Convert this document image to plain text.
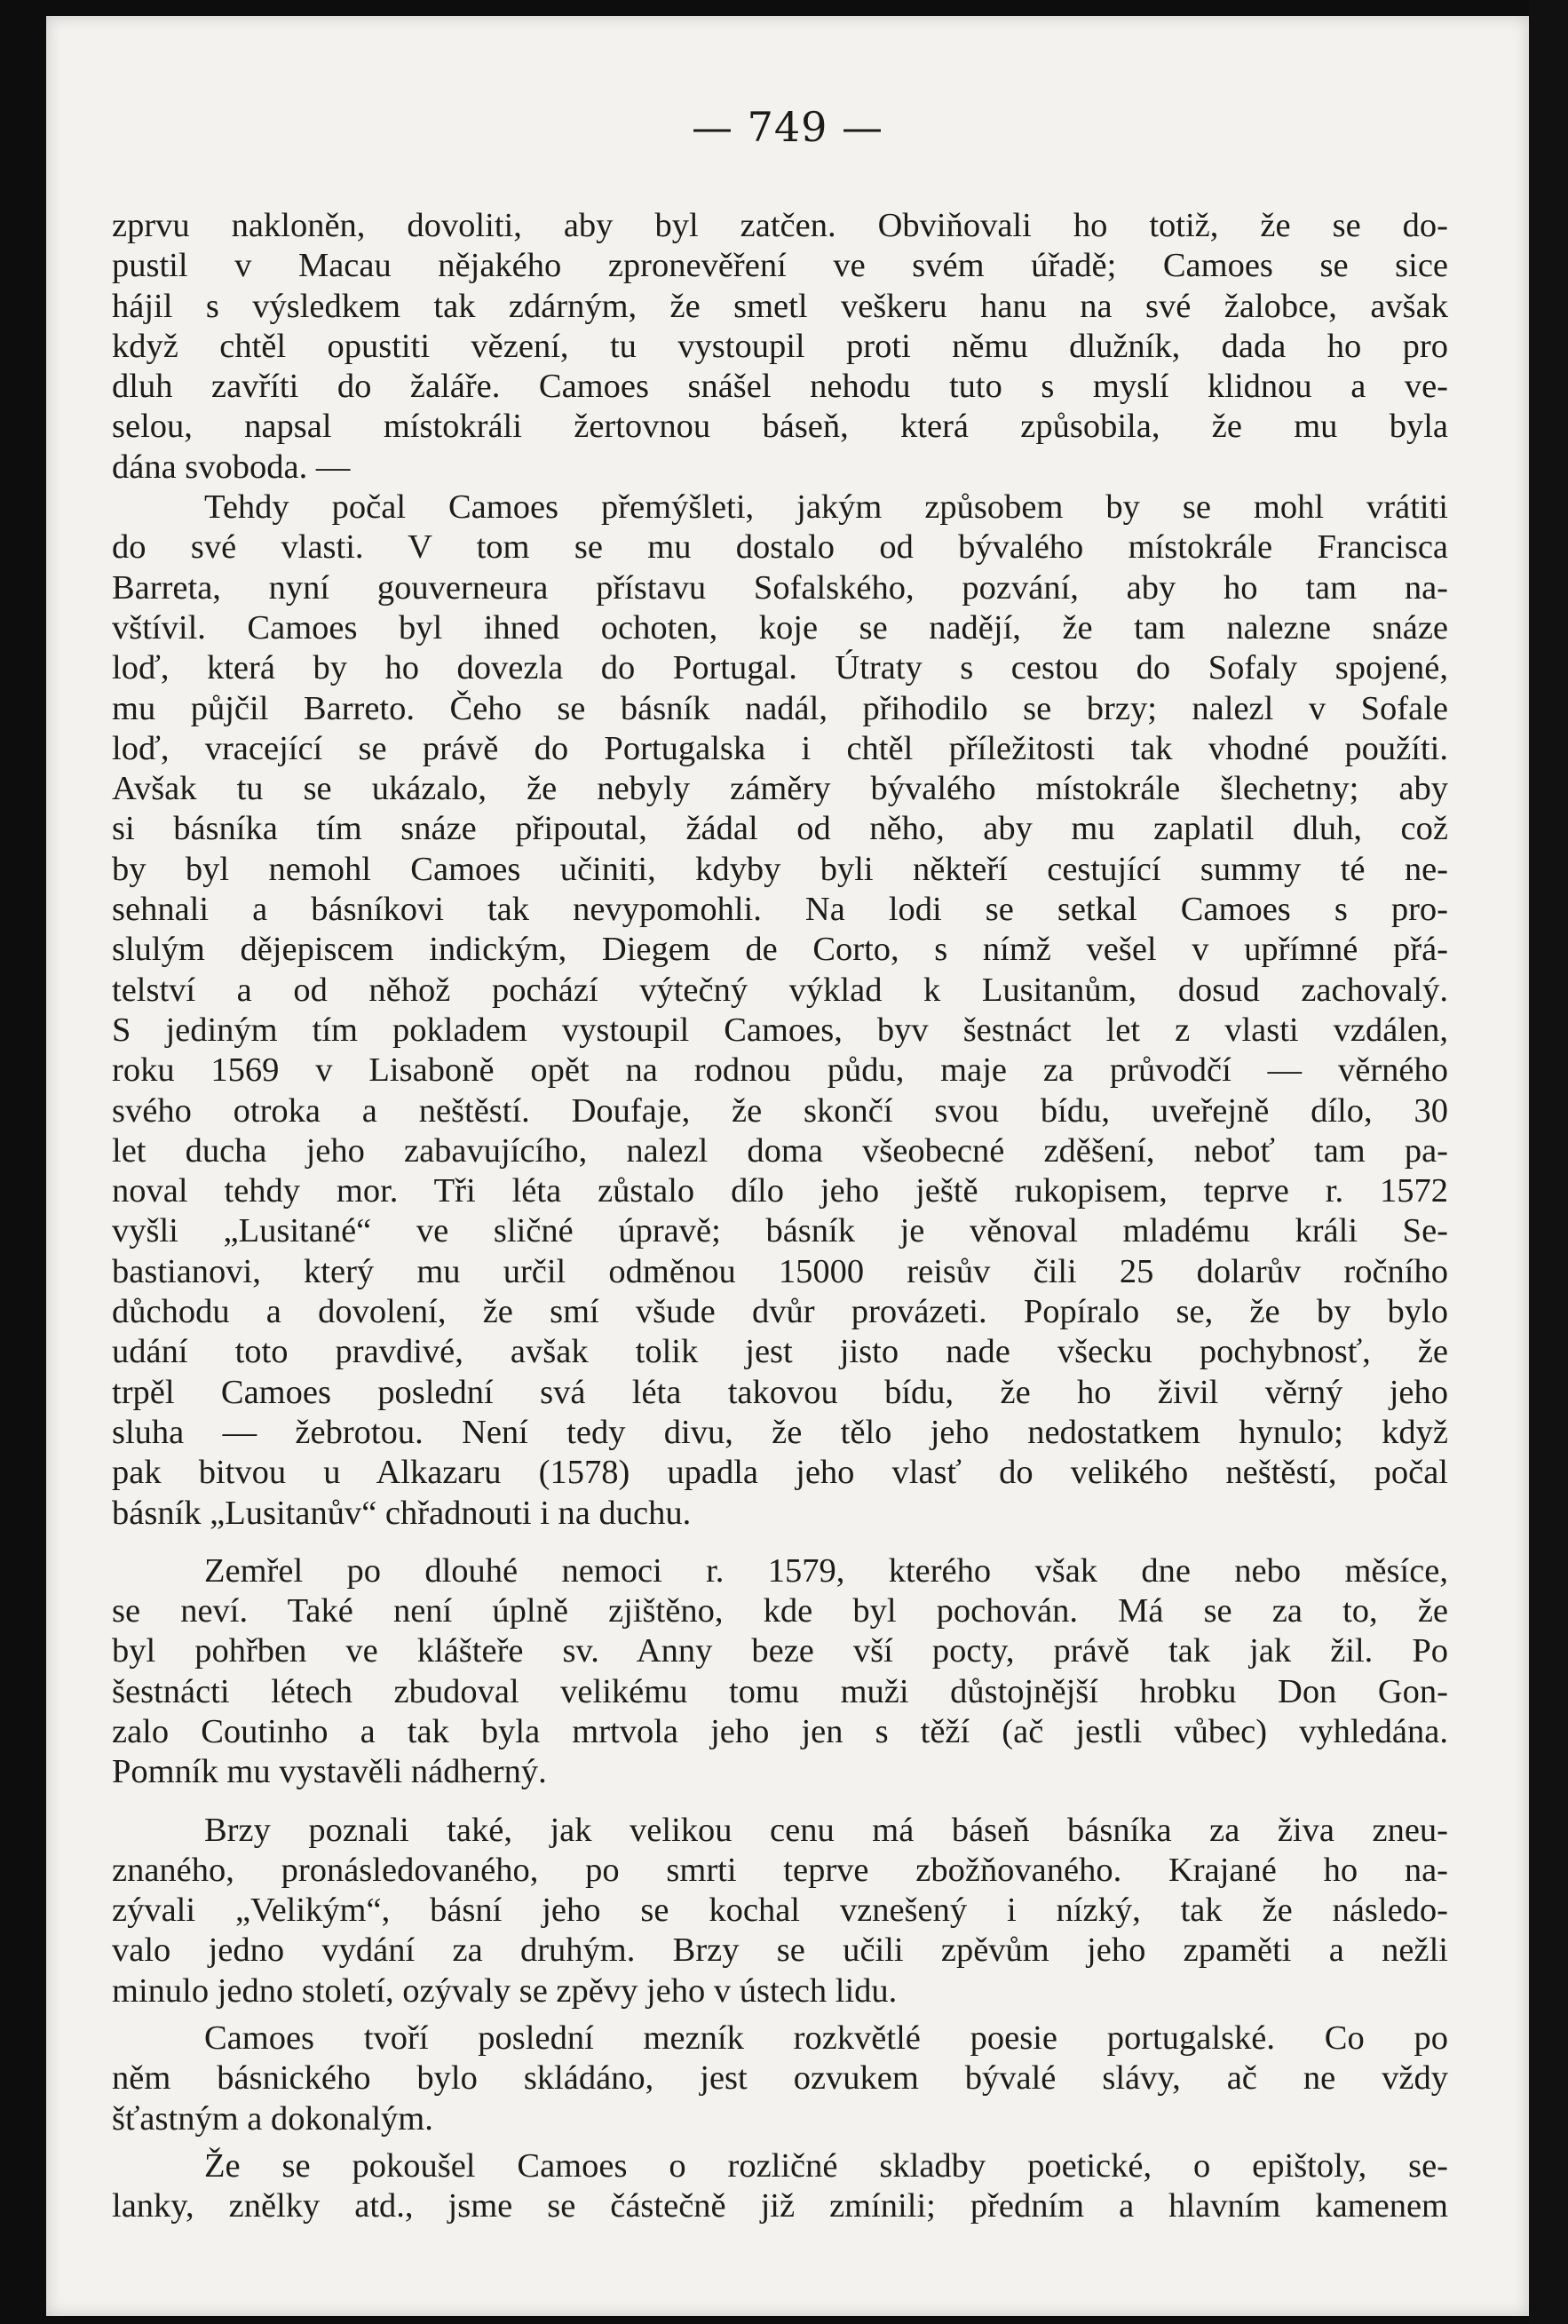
— 749 —

zprvu nakloněn, dovoliti, aby byl zatčen. Obviňovali ho totiž, že se do-
pustil v Macau nějakého zpronevěření ve svém úřadě; Camoes se sice
hájil s výsledkem tak zdárným, že smetl veškeru hanu na své žalobce, avšak
když chtěl opustiti vězení, tu vystoupil proti němu dlužník, dada ho pro
dluh zavříti do žaláře. Camoes snášel nehodu tuto s myslí klidnou a ve-
selou, napsal místokráli žertovnou báseň, která způsobila, že mu byla
dána svoboda. —

Tehdy počal Camoes přemýšleti, jakým způsobem by se mohl vrátiti
do své vlasti. V tom se mu dostalo od bývalého místokrále Francisca
Barreta, nyní gouverneura přístavu Sofalského, pozvání, aby ho tam na-
vštívil. Camoes byl ihned ochoten, koje se nadějí, že tam nalezne snáze
loď, která by ho dovezla do Portugal. Útraty s cestou do Sofaly spojené,
mu půjčil Barreto. Čeho se básník nadál, přihodilo se brzy; nalezl v Sofale
loď, vracející se právě do Portugalska i chtěl příležitosti tak vhodné použíti.
Avšak tu se ukázalo, že nebyly záměry bývalého místokrále šlechetny; aby
si básníka tím snáze připoutal, žádal od něho, aby mu zaplatil dluh, což
by byl nemohl Camoes učiniti, kdyby byli někteří cestující summy té ne-
sehnali a básníkovi tak nevypomohli. Na lodi se setkal Camoes s pro-
slulým dějepiscem indickým, Diegem de Corto, s nímž vešel v upřímné přá-
telství a od něhož pochází výtečný výklad k Lusitanům, dosud zachovalý.
S jediným tím pokladem vystoupil Camoes, byv šestnáct let z vlasti vzdálen,
roku 1569 v Lisaboně opět na rodnou půdu, maje za průvodčí — věrného
svého otroka a neštěstí. Doufaje, že skončí svou bídu, uveřejně dílo, 30
let ducha jeho zabavujícího, nalezl doma všeobecné zděšení, neboť tam pa-
noval tehdy mor. Tři léta zůstalo dílo jeho ještě rukopisem, teprve r. 1572
vyšli „Lusitané“ ve sličné úpravě; básník je věnoval mladému králi Se-
bastianovi, který mu určil odměnou 15000 reisův čili 25 dolarův ročního
důchodu a dovolení, že smí všude dvůr provázeti. Popíralo se, že by bylo
udání toto pravdivé, avšak tolik jest jisto nade všecku pochybnosť, že
trpěl Camoes poslední svá léta takovou bídu, že ho živil věrný jeho
sluha — žebrotou. Není tedy divu, že tělo jeho nedostatkem hynulo; když
pak bitvou u Alkazaru (1578) upadla jeho vlasť do velikého neštěstí, počal
básník „Lusitanův“ chřadnouti i na duchu.

Zemřel po dlouhé nemoci r. 1579, kterého však dne nebo měsíce,
se neví. Také není úplně zjištěno, kde byl pochován. Má se za to, že
byl pohřben ve klášteře sv. Anny beze vší pocty, právě tak jak žil. Po
šestnácti létech zbudoval velikému tomu muži důstojnější hrobku Don Gon-
zalo Coutinho a tak byla mrtvola jeho jen s těží (ač jestli vůbec) vyhledána.
Pomník mu vystavěli nádherný.

Brzy poznali také, jak velikou cenu má báseň básníka za živa zneu-
znaného, pronásledovaného, po smrti teprve zbožňovaného. Krajané ho na-
zývali „Velikým“, básní jeho se kochal vznešený i nízký, tak že následo-
valo jedno vydání za druhým. Brzy se učili zpěvům jeho zpaměti a nežli
minulo jedno století, ozývaly se zpěvy jeho v ústech lidu.

Camoes tvoří poslední mezník rozkvětlé poesie portugalské. Co po
něm básnického bylo skládáno, jest ozvukem bývalé slávy, ač ne vždy
šťastným a dokonalým.

Že se pokoušel Camoes o rozličné skladby poetické, o epištoly, se-
lanky, znělky atd., jsme se částečně již zmínili; předním a hlavním kamenem
